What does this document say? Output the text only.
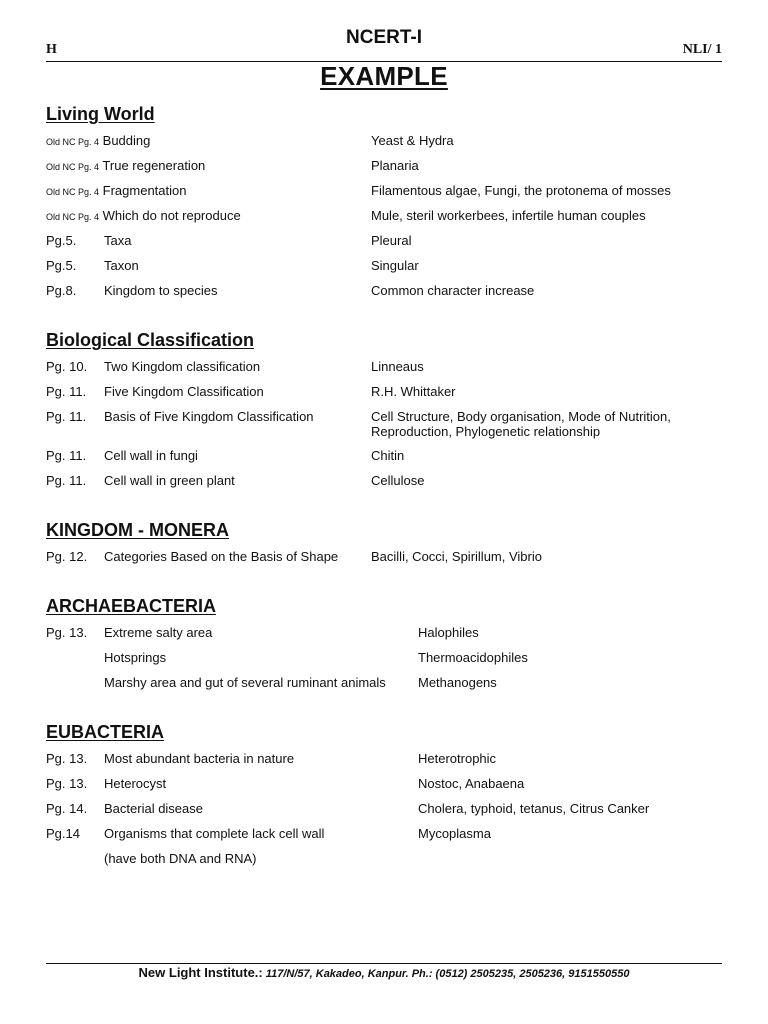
H
NCERT-I
NLI/ 1
EXAMPLE
Living World
Old NC Pg. 4 Budding	Yeast & Hydra
Old NC Pg. 4 True regeneration	Planaria
Old NC Pg. 4 Fragmentation	Filamentous algae, Fungi, the protonema of mosses
Old NC Pg. 4 Which do not reproduce	Mule, steril workerbees, infertile human couples
Pg.5.	Taxa	Pleural
Pg.5.	Taxon	Singular
Pg.8.	Kingdom to species	Common character increase
Biological Classification
Pg. 10.	Two Kingdom classification	Linneaus
Pg. 11.	Five Kingdom Classification	R.H. Whittaker
Pg. 11.	Basis of Five Kingdom Classification	Cell Structure, Body organisation, Mode of Nutrition, Reproduction, Phylogenetic relationship
Pg. 11.	Cell wall in fungi	Chitin
Pg. 11.	Cell wall in green plant	Cellulose
KINGDOM - MONERA
Pg. 12.	Categories Based on the Basis of Shape	Bacilli, Cocci, Spirillum, Vibrio
ARCHAEBACTERIA
Pg. 13.	Extreme salty area	Halophiles
Hotsprings	Thermoacidophiles
Marshy area and gut of several ruminant animals	Methanogens
EUBACTERIA
Pg. 13.	Most abundant bacteria in nature	Heterotrophic
Pg. 13.	Heterocyst	Nostoc, Anabaena
Pg. 14.	Bacterial disease	Cholera, typhoid, tetanus, Citrus Canker
Pg.14	Organisms that complete lack cell wall	Mycoplasma
(have both DNA and RNA)
New Light Institute.: 117/N/57, Kakadeo, Kanpur. Ph.: (0512) 2505235, 2505236, 9151550550
